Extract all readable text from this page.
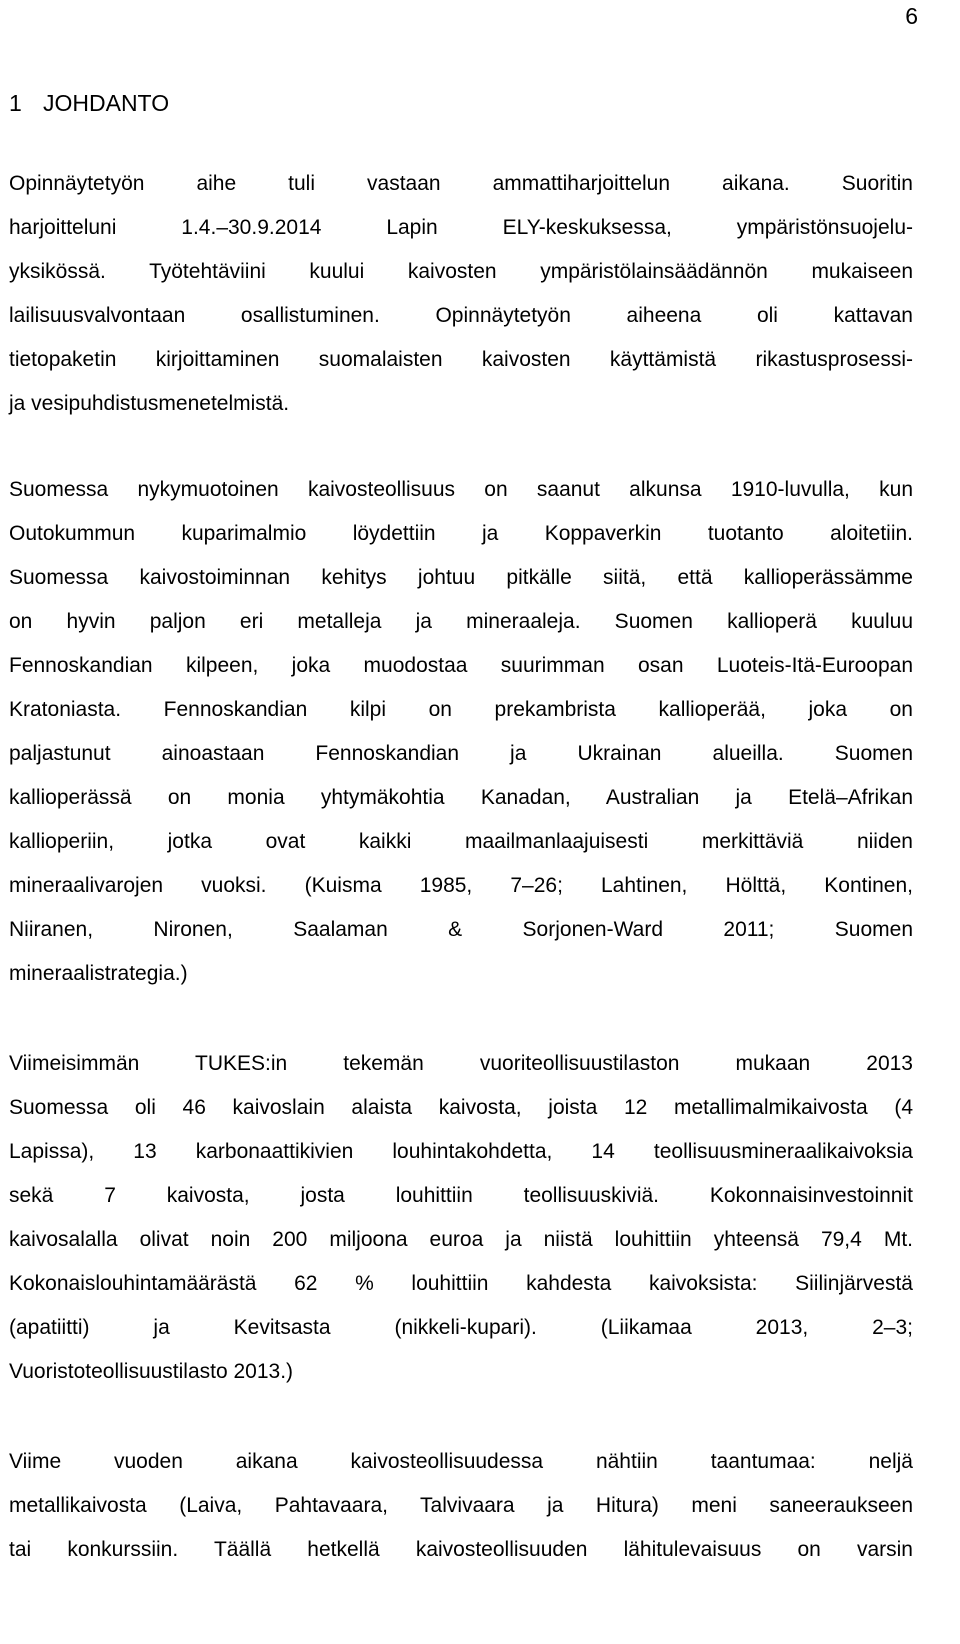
6
1 JOHDANTO
Opinnäytetyön aihe tuli vastaan ammattiharjoittelun aikana. Suoritin
harjoitteluni 1.4.–30.9.2014 Lapin ELY-keskuksessa, ympäristönsuojelu-
yksikössä. Työtehtäviini kuului kaivosten ympäristölainsäädännön mukaiseen
lailisuusvalvontaan osallistuminen. Opinnäytetyön aiheena oli kattavan
tietopaketin kirjoittaminen suomalaisten kaivosten käyttämistä rikastusprosessi-
ja vesipuhdistusmenetelmistä.
Suomessa nykymuotoinen kaivosteollisuus on saanut alkunsa 1910-luvulla, kun
Outokummun kuparimalmio löydettiin ja Koppaverkin tuotanto aloitetiin.
Suomessa kaivostoiminnan kehitys johtuu pitkälle siitä, että kallioperässämme
on hyvin paljon eri metalleja ja mineraaleja. Suomen kallioperä kuuluu
Fennoskandian kilpeen, joka muodostaa suurimman osan Luoteis-Itä-Euroopan
Kratoniasta. Fennoskandian kilpi on prekambrista kallioperää, joka on
paljastunut ainoastaan Fennoskandian ja Ukrainan alueilla. Suomen
kallioperässä on monia yhtymäkohtia Kanadan, Australian ja Etelä–Afrikan
kallioperiin, jotka ovat kaikki maailmanlaajuisesti merkittäviä niiden
mineraalivarojen vuoksi. (Kuisma 1985, 7–26; Lahtinen, Hölttä, Kontinen,
Niiranen, Nironen, Saalaman & Sorjonen-Ward 2011; Suomen
mineraalistrategia.)
Viimeisimmän TUKES:in tekemän vuoriteollisuustilaston mukaan 2013
Suomessa oli 46 kaivoslain alaista kaivosta, joista 12 metallimalmikaivosta (4
Lapissa), 13 karbonaattikivien louhintakohdetta, 14 teollisuusmineraalikaivoksia
sekä 7 kaivosta, josta louhittiin teollisuuskiviä. Kokonnaisinvestoinnit
kaivosalalla olivat noin 200 miljoona euroa ja niistä louhittiin yhteensä 79,4 Mt.
Kokonaislouhintamäärästä 62 % louhittiin kahdesta kaivoksista: Siilinjärvestä
(apatiitti) ja Kevitsasta (nikkeli-kupari). (Liikamaa 2013, 2–3;
Vuoristoteollisuustilasto 2013.)
Viime vuoden aikana kaivosteollisuudessa nähtiin taantumaa: neljä
metallikaivosta (Laiva, Pahtavaara, Talvivaara ja Hitura) meni saneeraukseen
tai konkurssiin. Täällä hetkellä kaivosteollisuuden lähitulevaisuus on varsin
